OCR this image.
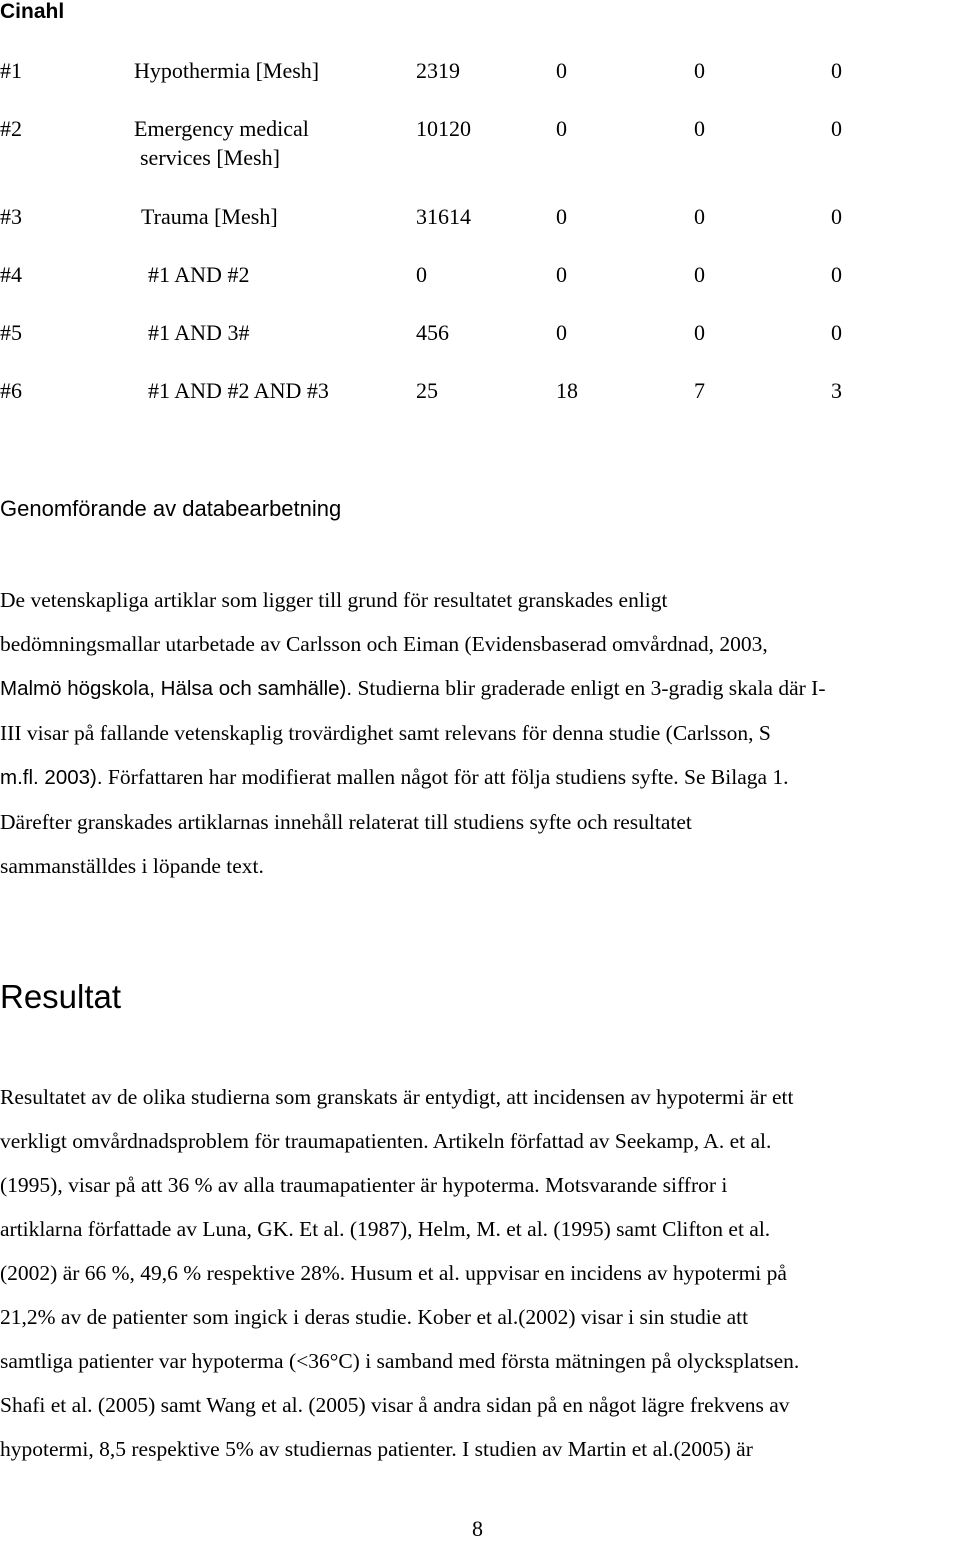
Cinahl
#1	Hypothermia [Mesh]	2319	0	0	0
#2	Emergency medical
services [Mesh]
10120	0	0	0
#3	Trauma [Mesh]	31614	0	0	0
#4	#1 AND #2	0	0	0	0
#5	#1 AND 3#	456	0	0	0
#6	#1 AND #2 AND #3	25	18	7	3
Genomförande av databearbetning
De vetenskapliga artiklar som ligger till grund för resultatet granskades enligt
bedömningsmallar utarbetade av Carlsson och Eiman (Evidensbaserad omvårdnad, 2003,
Malmö högskola, Hälsa och samhälle). Studierna blir graderade enligt en 3-gradig skala där I-
III visar på fallande vetenskaplig trovärdighet samt relevans för denna studie (Carlsson, S
m.fl. 2003). Författaren har modifierat mallen något för att följa studiens syfte. Se Bilaga 1.
Därefter granskades artiklarnas innehåll relaterat till studiens syfte och resultatet
sammanställdes i löpande text.
Resultat
Resultatet av de olika studierna som granskats är entydigt, att incidensen av hypotermi är ett
verkligt omvårdnadsproblem för traumapatienten. Artikeln författad av Seekamp, A. et al.
(1995), visar på att 36 % av alla traumapatienter är hypoterma. Motsvarande siffror i
artiklarna författade av Luna, GK. Et al. (1987), Helm, M. et al. (1995) samt Clifton et al.
(2002) är 66 %, 49,6 % respektive 28%. Husum et al. uppvisar en incidens av hypotermi på
21,2% av de patienter som ingick i deras studie. Kober et al.(2002) visar i sin studie att
samtliga patienter var hypoterma (<36°C) i samband med första mätningen på olycksplatsen.
Shafi et al. (2005) samt Wang et al. (2005) visar å andra sidan på en något lägre frekvens av
hypotermi, 8,5 respektive 5% av studiernas patienter. I studien av Martin et al.(2005) är
8
